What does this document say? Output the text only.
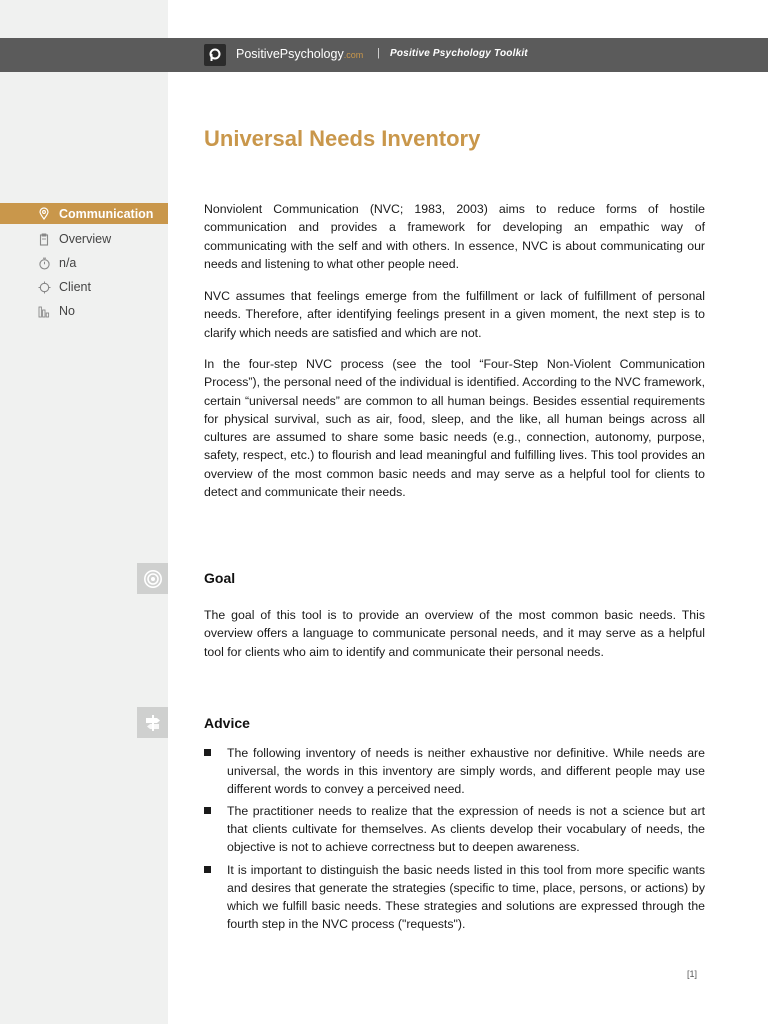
PositivePsychology.com | Positive Psychology Toolkit
Universal Needs Inventory
Communication
Overview
n/a
Client
No

Nonviolent Communication (NVC; 1983, 2003) aims to reduce forms of hostile communication and provides a framework for developing an empathic way of communicating with the self and with others. In essence, NVC is about communicating our needs and listening to what other people need.

NVC assumes that feelings emerge from the fulfillment or lack of fulfillment of personal needs. Therefore, after identifying feelings present in a given moment, the next step is to clarify which needs are satisfied and which are not.

In the four-step NVC process (see the tool “Four-Step Non-Violent Communication Process”), the personal need of the individual is identified. According to the NVC framework, certain “universal needs” are common to all human beings. Besides essential requirements for physical survival, such as air, food, sleep, and the like, all human beings across all cultures are assumed to share some basic needs (e.g., connection, autonomy, purpose, safety, respect, etc.) to flourish and lead meaningful and fulfilling lives. This tool provides an overview of the most common basic needs and may serve as a helpful tool for clients to detect and communicate their needs.

Goal

The goal of this tool is to provide an overview of the most common basic needs. This overview offers a language to communicate personal needs, and it may serve as a helpful tool for clients who aim to identify and communicate their personal needs.

Advice
The following inventory of needs is neither exhaustive nor definitive. While needs are universal, the words in this inventory are simply words, and different people may use different words to convey a perceived need.
The practitioner needs to realize that the expression of needs is not a science but art that clients cultivate for themselves. As clients develop their vocabulary of needs, the objective is not to achieve correctness but to deepen awareness.
It is important to distinguish the basic needs listed in this tool from more specific wants and desires that generate the strategies (specific to time, place, persons, or actions) by which we fulfill basic needs. These strategies and solutions are expressed through the fourth step in the NVC process ("requests").
[1]
